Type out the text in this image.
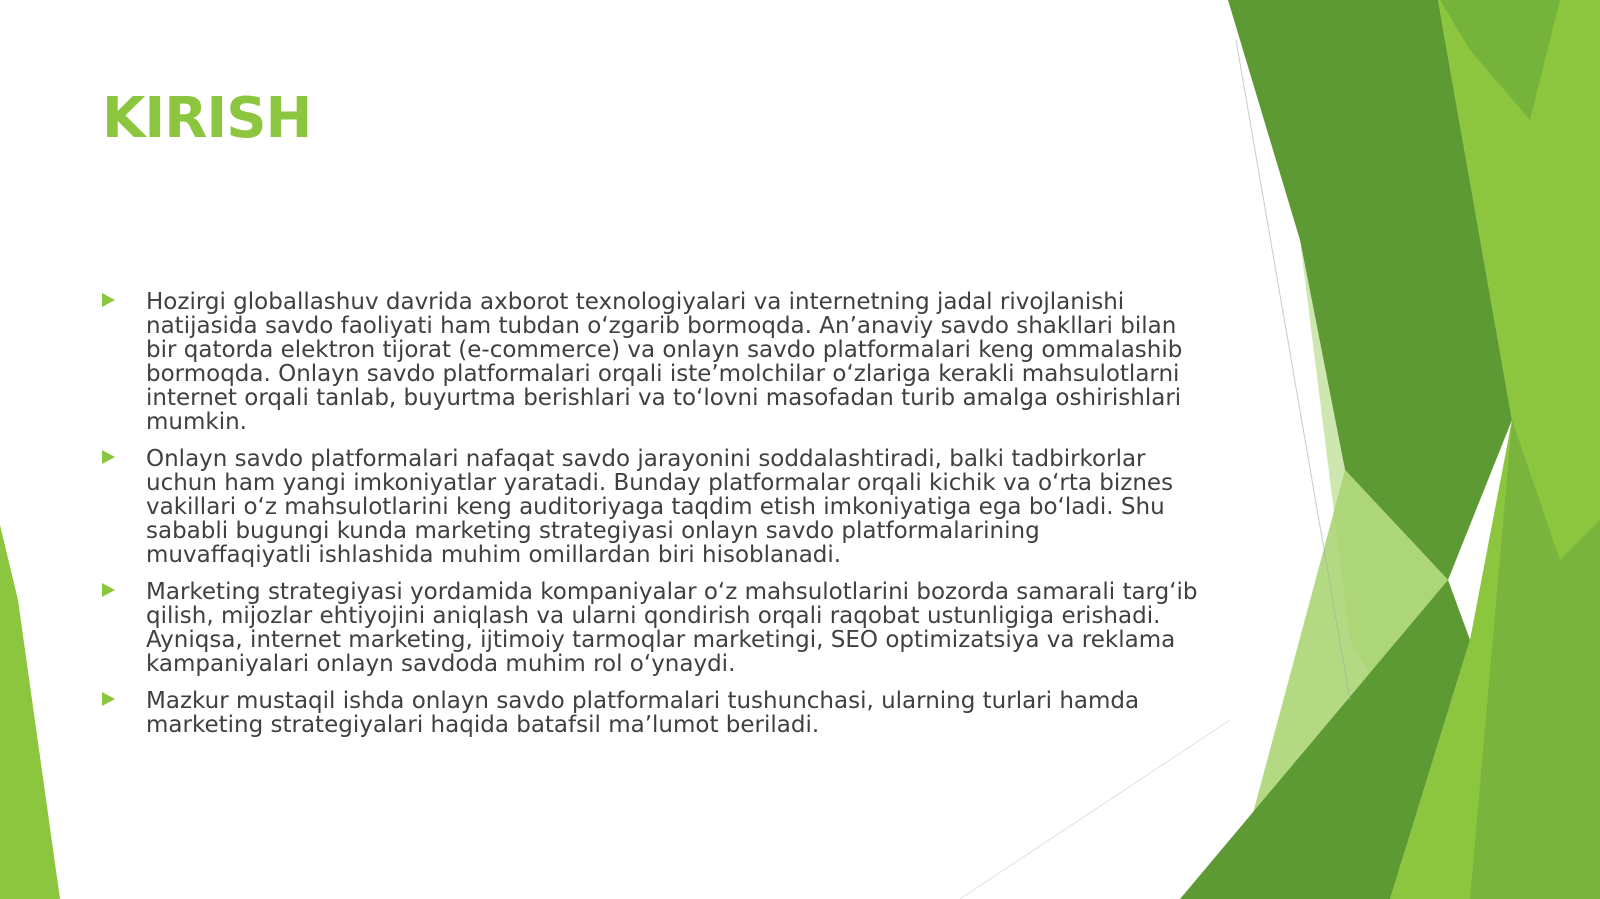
KIRISH
Hozirgi globallashuv davrida axborot texnologiyalari va internetning jadal rivojlanishi natijasida savdo faoliyati ham tubdan oʻzgarib bormoqda. Anʼanaviy savdo shakllari bilan bir qatorda elektron tijorat (e-commerce) va onlayn savdo platformalari keng ommalashib bormoqda. Onlayn savdo platformalari orqali isteʼmolchilar oʻzlariga kerakli mahsulotlarni internet orqali tanlab, buyurtma berishlari va toʻlovni masofadan turib amalga oshirishlari mumkin.
Onlayn savdo platformalari nafaqat savdo jarayonini soddalashtiradi, balki tadbirkorlar uchun ham yangi imkoniyatlar yaratadi. Bunday platformalar orqali kichik va oʻrta biznes vakillari oʻz mahsulotlarini keng auditoriyaga taqdim etish imkoniyatiga ega boʻladi. Shu sababli bugungi kunda marketing strategiyasi onlayn savdo platformalarining muvaffaqiyatli ishlashida muhim omillardan biri hisoblanadi.
Marketing strategiyasi yordamida kompaniyalar oʻz mahsulotlarini bozorda samarali targʻib qilish, mijozlar ehtiyojini aniqlash va ularni qondirish orqali raqobat ustunligiga erishadi. Ayniqsa, internet marketing, ijtimoiy tarmoqlar marketingi, SEO optimizatsiya va reklama kampaniyalari onlayn savdoda muhim rol oʻynaydi.
Mazkur mustaqil ishda onlayn savdo platformalari tushunchasi, ularning turlari hamda marketing strategiyalari haqida batafsil maʼlumot beriladi.
